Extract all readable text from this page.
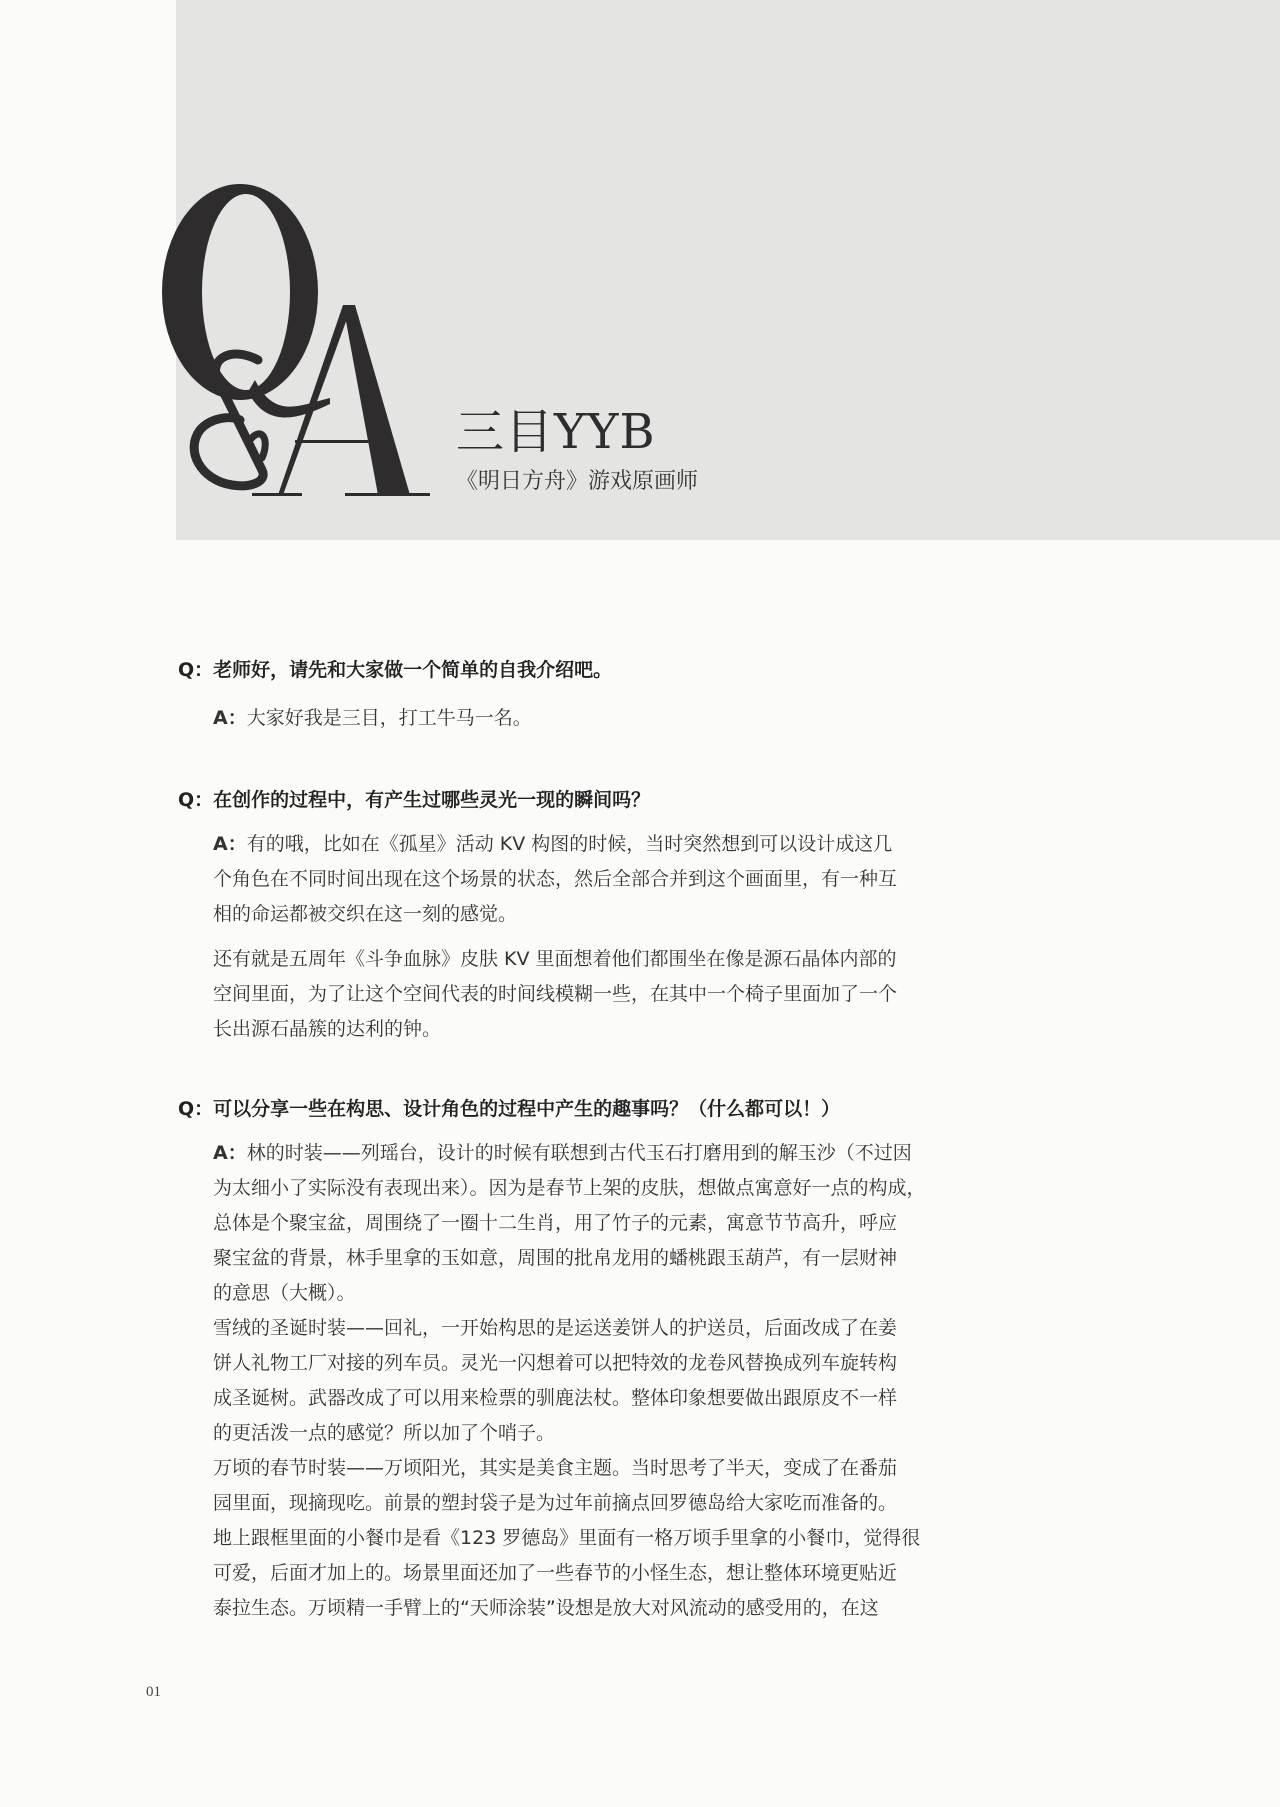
三目YYB
《明日方舟》游戏原画师
Q：老师好，请先和大家做一个简单的自我介绍吧。

A：大家好我是三目，打工牛马一名。

Q：在创作的过程中，有产生过哪些灵光一现的瞬间吗？

A：有的哦，比如在《孤星》活动 KV 构图的时候，当时突然想到可以设计成这几

个角色在不同时间出现在这个场景的状态，然后全部合并到这个画面里，有一种互

相的命运都被交织在这一刻的感觉。

还有就是五周年《斗争血脉》皮肤 KV 里面想着他们都围坐在像是源石晶体内部的

空间里面，为了让这个空间代表的时间线模糊一些，在其中一个椅子里面加了一个

长出源石晶簇的达利的钟。

Q：可以分享一些在构思、设计角色的过程中产生的趣事吗？（什么都可以！）

A：林的时装——列瑶台，设计的时候有联想到古代玉石打磨用到的解玉沙（不过因

为太细小了实际没有表现出来）。因为是春节上架的皮肤，想做点寓意好一点的构成，

总体是个聚宝盆，周围绕了一圈十二生肖，用了竹子的元素，寓意节节高升，呼应

聚宝盆的背景，林手里拿的玉如意，周围的批帛龙用的蟠桃跟玉葫芦，有一层财神

的意思（大概）。

雪绒的圣诞时装——回礼，一开始构思的是运送姜饼人的护送员，后面改成了在姜

饼人礼物工厂对接的列车员。灵光一闪想着可以把特效的龙卷风替换成列车旋转构

成圣诞树。武器改成了可以用来检票的驯鹿法杖。整体印象想要做出跟原皮不一样

的更活泼一点的感觉？所以加了个哨子。

万顷的春节时装——万顷阳光，其实是美食主题。当时思考了半天，变成了在番茄

园里面，现摘现吃。前景的塑封袋子是为过年前摘点回罗德岛给大家吃而准备的。

地上跟框里面的小餐巾是看《123 罗德岛》里面有一格万顷手里拿的小餐巾，觉得很

可爱，后面才加上的。场景里面还加了一些春节的小怪生态，想让整体环境更贴近

泰拉生态。万顷精一手臂上的“天师涂装”设想是放大对风流动的感受用的，在这

01
